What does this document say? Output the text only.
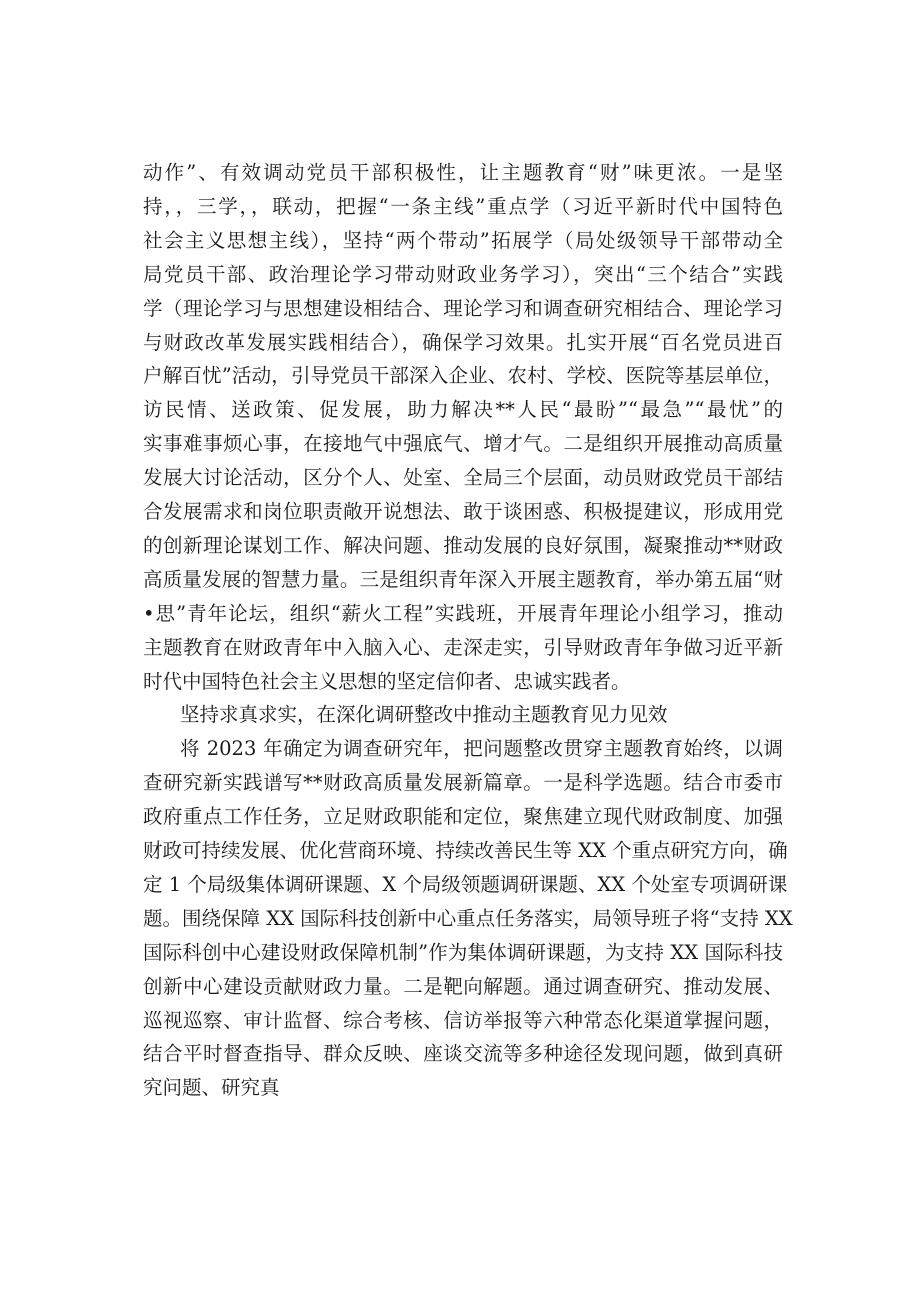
动作”、有效调动党员干部积极性，让主题教育“财”味更浓。一是坚
持，，三学，，联动，把握“一条主线”重点学（习近平新时代中国特色
社会主义思想主线），坚持“两个带动”拓展学（局处级领导干部带动全
局党员干部、政治理论学习带动财政业务学习），突出“三个结合”实践
学（理论学习与思想建设相结合、理论学习和调查研究相结合、理论学习
与财政改革发展实践相结合），确保学习效果。扎实开展“百名党员进百
户解百忧”活动，引导党员干部深入企业、农村、学校、医院等基层单位，
访民情、送政策、促发展，助力解决**人民“最盼”“最急”“最忧”的
实事难事烦心事，在接地气中强底气、增才气。二是组织开展推动高质量
发展大讨论活动，区分个人、处室、全局三个层面，动员财政党员干部结
合发展需求和岗位职责敞开说想法、敢于谈困惑、积极提建议，形成用党
的创新理论谋划工作、解决问题、推动发展的良好氛围，凝聚推动**财政
高质量发展的智慧力量。三是组织青年深入开展主题教育，举办第五届“财
•思”青年论坛，组织“薪火工程”实践班，开展青年理论小组学习，推动
主题教育在财政青年中入脑入心、走深走实，引导财政青年争做习近平新
时代中国特色社会主义思想的坚定信仰者、忠诚实践者。
坚持求真求实，在深化调研整改中推动主题教育见力见效
将 2023 年确定为调查研究年，把问题整改贯穿主题教育始终，以调
查研究新实践谱写**财政高质量发展新篇章。一是科学选题。结合市委市
政府重点工作任务，立足财政职能和定位，聚焦建立现代财政制度、加强
财政可持续发展、优化营商环境、持续改善民生等 XX 个重点研究方向，确
定 1 个局级集体调研课题、X 个局级领题调研课题、XX 个处室专项调研课
题。围绕保障 XX 国际科技创新中心重点任务落实，局领导班子将“支持 XX
国际科创中心建设财政保障机制”作为集体调研课题，为支持 XX 国际科技
创新中心建设贡献财政力量。二是靶向解题。通过调查研究、推动发展、
巡视巡察、审计监督、综合考核、信访举报等六种常态化渠道掌握问题，
结合平时督查指导、群众反映、座谈交流等多种途径发现问题，做到真研
究问题、研究真
